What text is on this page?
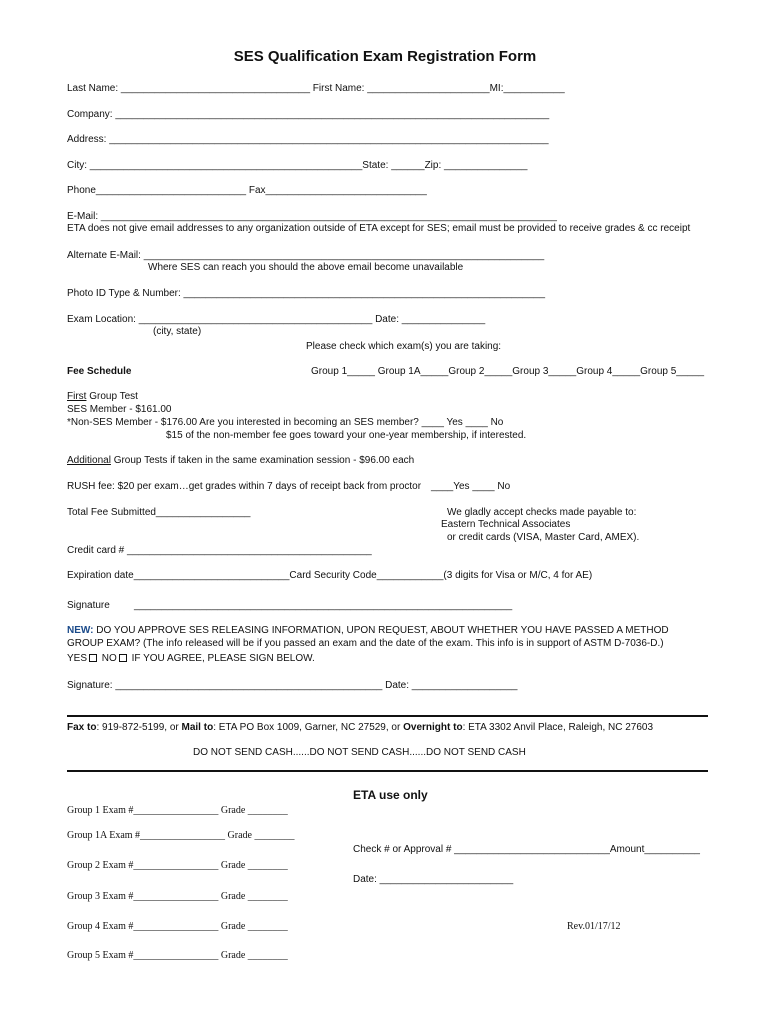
SES Qualification Exam Registration Form
Last Name: __________________________________ First Name: ______________________MI:___________
Company: ______________________________________________________________________________
Address: _______________________________________________________________________________
City: _________________________________________________State: ______Zip: _______________
Phone___________________________ Fax_____________________________
E-Mail: __________________________________________________________________________________
ETA does not give email addresses to any organization outside of ETA except for SES; email must be provided to receive grades & cc receipt
Alternate E-Mail: ________________________________________________________________________
Where SES can reach you should the above email become unavailable
Photo ID Type & Number: _________________________________________________________________
Exam Location: __________________________________________ Date: _______________
(city, state)
Please check which exam(s) you are taking:
Fee Schedule	Group 1_____ Group 1A_____Group 2_____Group 3_____Group 4_____Group 5_____
First Group Test
SES Member - $161.00
*Non-SES Member - $176.00 Are you interested in becoming an SES member? ____ Yes ____ No
$15 of the non-member fee goes toward your one-year membership, if interested.
Additional Group Tests if taken in the same examination session - $96.00 each
RUSH fee: $20 per exam…get grades within 7 days of receipt back from proctor ____Yes ____ No
Total Fee Submitted_________________	We gladly accept checks made payable to:
Eastern Technical Associates
or credit cards (VISA, Master Card, AMEX).
Credit card # ____________________________________________
Expiration date____________________________Card Security Code____________(3 digits for Visa or M/C, 4 for AE)
Signature ____________________________________________________________________
NEW: DO YOU APPROVE SES RELEASING INFORMATION, UPON REQUEST, ABOUT WHETHER YOU HAVE PASSED A METHOD
GROUP EXAM? (The info released will be if you passed an exam and the date of the exam. This info is in support of ASTM D-7036-D.)
YES NO IF YOU AGREE, PLEASE SIGN BELOW.
Signature: ________________________________________________ Date: ___________________
Fax to: 919-872-5199, or Mail to: ETA PO Box 1009, Garner, NC 27529, or Overnight to: ETA 3302 Anvil Place, Raleigh, NC 27603
DO NOT SEND CASH......DO NOT SEND CASH......DO NOT SEND CASH
ETA use only
Group 1 Exam #_________________ Grade ________
Group 1A Exam #_________________ Grade ________
Group 2 Exam #_________________ Grade ________
Group 3 Exam #_________________ Grade ________
Group 4 Exam #_________________ Grade ________
Group 5 Exam #_________________ Grade ________
Check # or Approval # ____________________________Amount__________
Date: ________________________
Rev.01/17/12
